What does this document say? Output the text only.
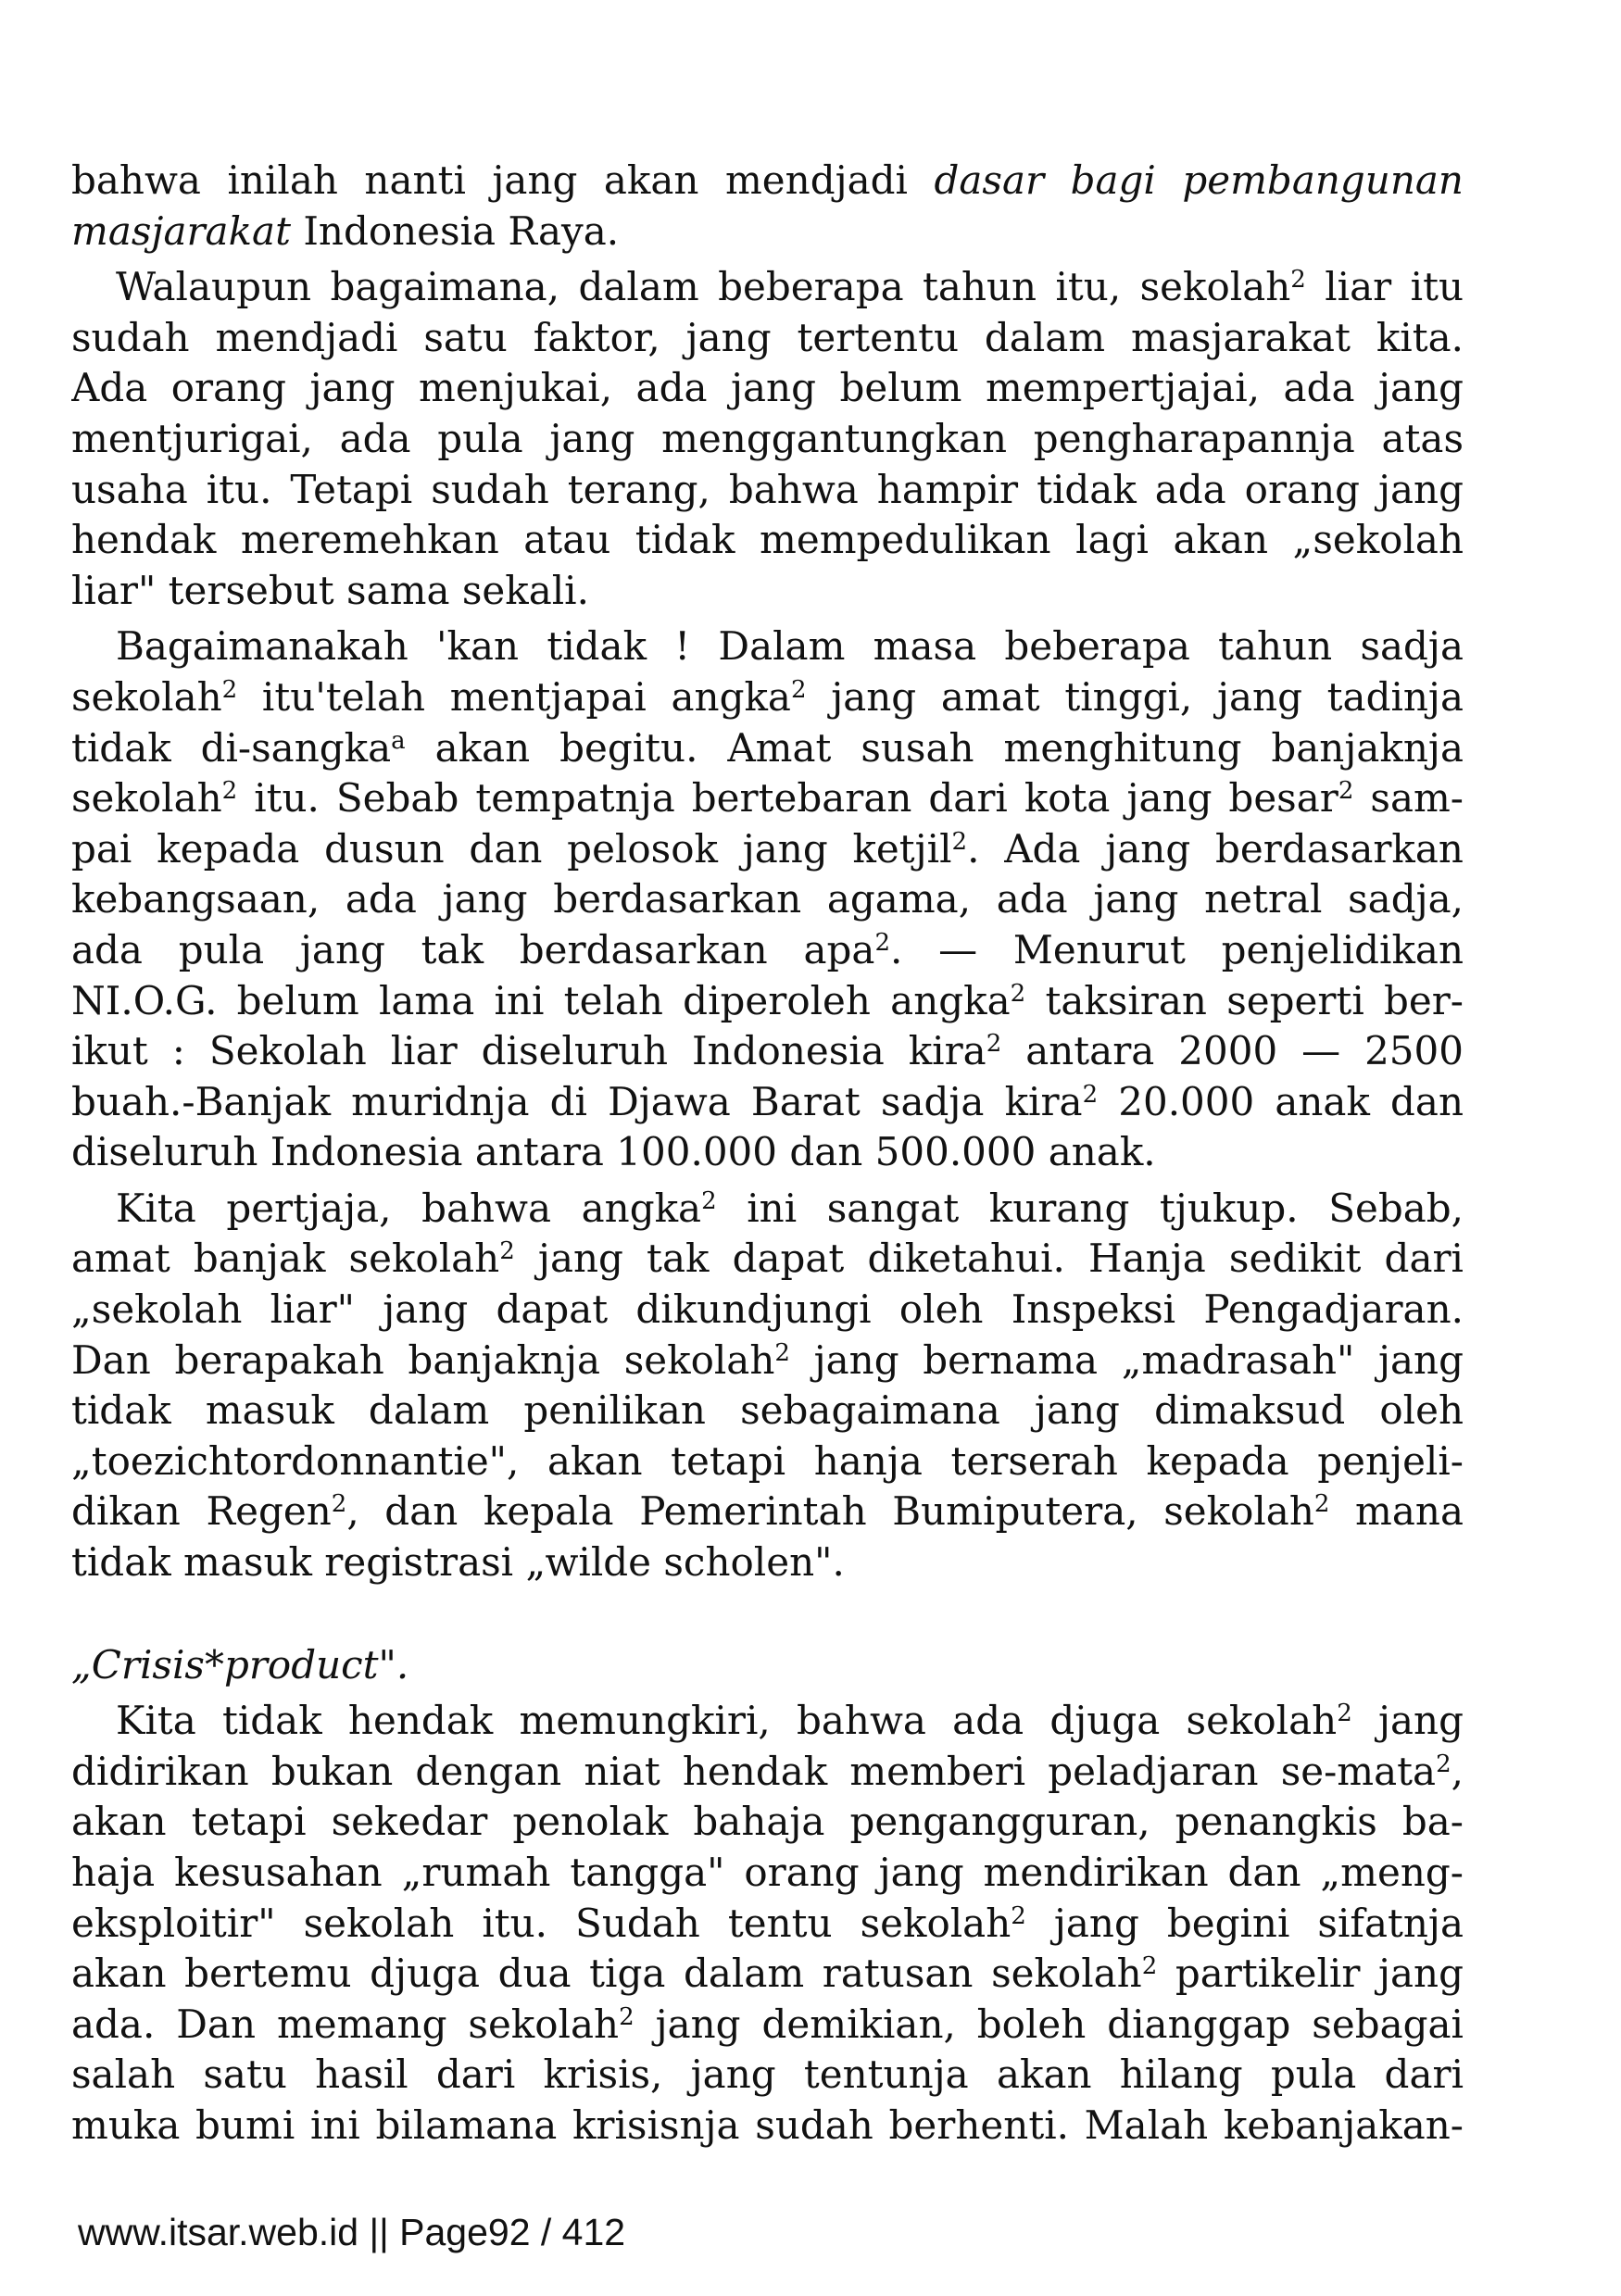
bahwa inilah nanti jang akan mendjadi dasar bagi pembangunan
masjarakat Indonesia Raya.
Walaupun bagaimana, dalam beberapa tahun itu, sekolah$^2$ liar itu
sudah mendjadi satu faktor, jang tertentu dalam masjarakat kita.
Ada orang jang menjukai, ada jang belum mempertjajai, ada jang
mentjurigai, ada pula jang menggantungkan pengharapannja atas
usaha itu. Tetapi sudah terang, bahwa hampir tidak ada orang jang
hendak meremehkan atau tidak mempedulikan lagi akan „sekolah
liar" tersebut sama sekali.
Bagaimanakah 'kan tidak ! Dalam masa beberapa tahun sadja
sekolah$^2$ itu'telah mentjapai angka$^2$ jang amat tinggi, jang tadinja
tidak di-sangka$^a$ akan begitu. Amat susah menghitung banjaknja
sekolah$^2$ itu. Sebab tempatnja bertebaran dari kota jang besar$^2$ sam-
pai kepada dusun dan pelosok jang ketjil$^2$. Ada jang berdasarkan
kebangsaan, ada jang berdasarkan agama, ada jang netral sadja,
ada pula jang tak berdasarkan apa$^2$. — Menurut penjelidikan
NI.O.G. belum lama ini telah diperoleh angka$^2$ taksiran seperti ber-
ikut : Sekolah liar diseluruh Indonesia kira$^2$ antara 2000 — 2500
buah.-Banjak muridnja di Djawa Barat sadja kira$^2$ 20.000 anak dan
diseluruh Indonesia antara 100.000 dan 500.000 anak.
Kita pertjaja, bahwa angka$^2$ ini sangat kurang tjukup. Sebab,
amat banjak sekolah$^2$ jang tak dapat diketahui. Hanja sedikit dari
„sekolah liar" jang dapat dikundjungi oleh Inspeksi Pengadjaran.
Dan berapakah banjaknja sekolah$^2$ jang bernama „madrasah" jang
tidak masuk dalam penilikan sebagaimana jang dimaksud oleh
„toezichtordonnantie", akan tetapi hanja terserah kepada penjeli-
dikan Regen$^2$, dan kepala Pemerintah Bumiputera, sekolah$^2$ mana
tidak masuk registrasi „wilde scholen".
„Crisis*product".
Kita tidak hendak memungkiri, bahwa ada djuga sekolah$^2$ jang
didirikan bukan dengan niat hendak memberi peladjaran se-mata$^2$,
akan tetapi sekedar penolak bahaja pengangguran, penangkis ba-
haja kesusahan „rumah tangga" orang jang mendirikan dan „meng-
eksploitir" sekolah itu. Sudah tentu sekolah$^2$ jang begini sifatnja
akan bertemu djuga dua tiga dalam ratusan sekolah$^2$ partikelir jang
ada. Dan memang sekolah$^2$ jang demikian, boleh dianggap sebagai
salah satu hasil dari krisis, jang tentunja akan hilang pula dari
muka bumi ini bilamana krisisnja sudah berhenti. Malah kebanjakan-
www.itsar.web.id || Page92 / 412
